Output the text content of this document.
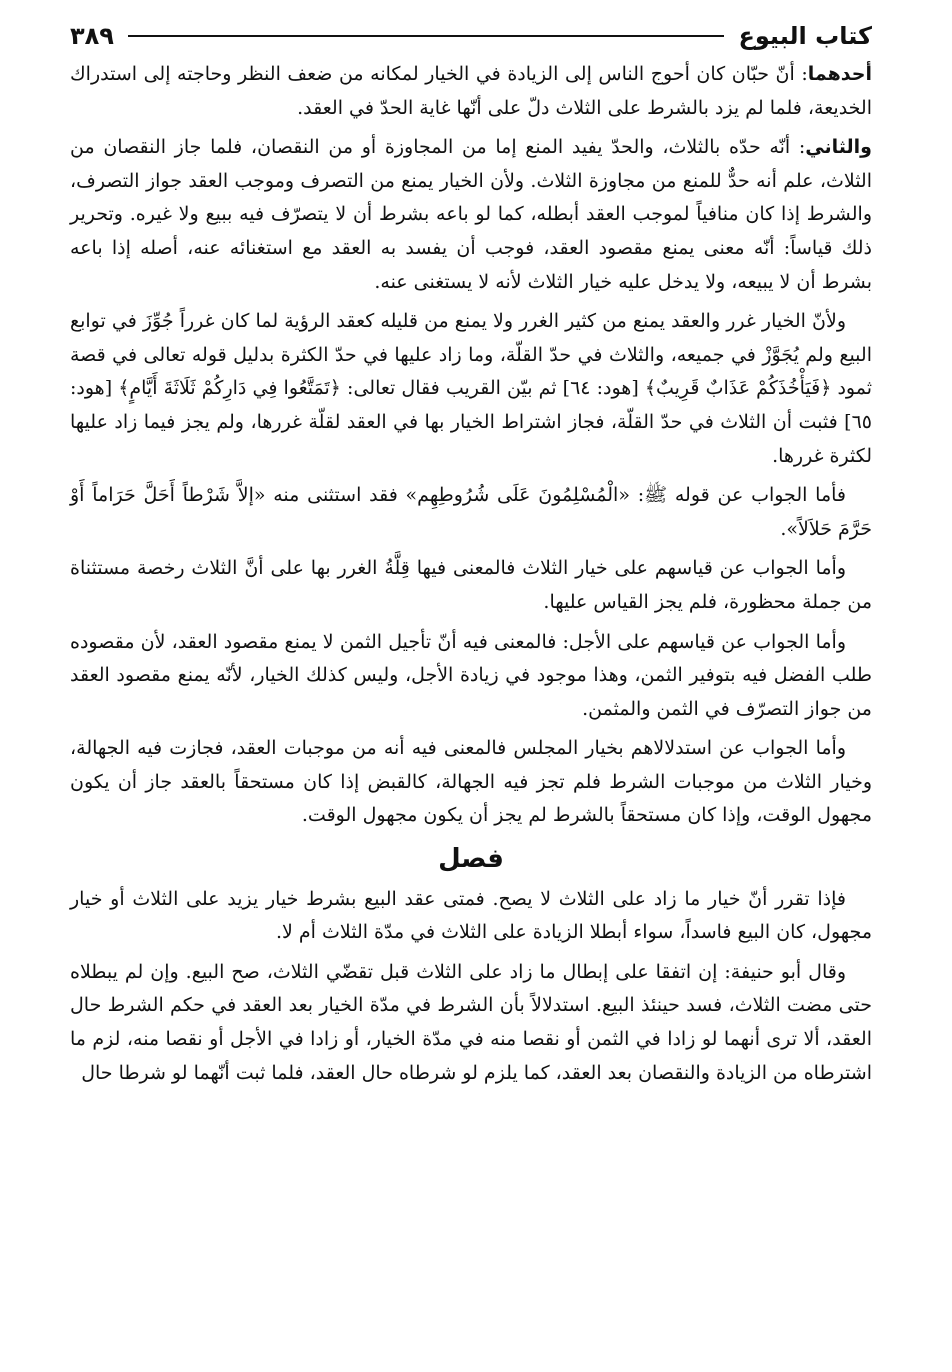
كتاب البيوع
٣٨٩

أحدهما: أنّ حبّان كان أحوج الناس إلى الزيادة في الخيار لمكانه من ضعف النظر وحاجته إلى استدراك الخديعة، فلما لم يزد بالشرط على الثلاث دلّ على أنّها غاية الحدّ في العقد.

والثاني: أنّه حدّه بالثلاث، والحدّ يفيد المنع إما من المجاوزة أو من النقصان، فلما جاز النقصان من الثلاث، علم أنه حدٌّ للمنع من مجاوزة الثلاث. ولأن الخيار يمنع من التصرف وموجب العقد جواز التصرف، والشرط إذا كان منافياً لموجب العقد أبطله، كما لو باعه بشرط أن لا يتصرّف فيه ببيع ولا غيره. وتحرير ذلك قياساً: أنّه معنى يمنع مقصود العقد، فوجب أن يفسد به العقد مع استغنائه عنه، أصله إذا باعه بشرط أن لا يبيعه، ولا يدخل عليه خيار الثلاث لأنه لا يستغنى عنه.

ولأنّ الخيار غرر والعقد يمنع من كثير الغرر ولا يمنع من قليله كعقد الرؤية لما كان غرراً جُوِّزَ في توابع البيع ولم يُجَوَّزْ في جميعه، والثلاث في حدّ القلّة، وما زاد عليها في حدّ الكثرة بدليل قوله تعالى في قصة ثمود ﴿فَيَأْخُذَكُمْ عَذَابٌ قَرِيبٌ﴾ [هود: ٦٤] ثم بيّن القريب فقال تعالى: ﴿تَمَتَّعُوا فِي دَارِكُمْ ثَلَاثَةَ أَيَّامٍ﴾ [هود: ٦٥] فثبت أن الثلاث في حدّ القلّة، فجاز اشتراط الخيار بها في العقد لقلّة غررها، ولم يجز فيما زاد عليها لكثرة غررها.

فأما الجواب عن قوله ﷺ: «الْمُسْلِمُونَ عَلَى شُرُوطِهِم» فقد استثنى منه «إلاَّ شَرْطاً أَحَلَّ حَرَاماً أَوْ حَرَّمَ حَلاَلاً».

وأما الجواب عن قياسهم على خيار الثلاث فالمعنى فيها قِلَّةُ الغرر بها على أنَّ الثلاث رخصة مستثناة من جملة محظورة، فلم يجز القياس عليها.

وأما الجواب عن قياسهم على الأجل: فالمعنى فيه أنّ تأجيل الثمن لا يمنع مقصود العقد، لأن مقصوده طلب الفضل فيه بتوفير الثمن، وهذا موجود في زيادة الأجل، وليس كذلك الخيار، لأنّه يمنع مقصود العقد من جواز التصرّف في الثمن والمثمن.

وأما الجواب عن استدلالاهم بخيار المجلس فالمعنى فيه أنه من موجبات العقد، فجازت فيه الجهالة، وخيار الثلاث من موجبات الشرط فلم تجز فيه الجهالة، كالقبض إذا كان مستحقاً بالعقد جاز أن يكون مجهول الوقت، وإذا كان مستحقاً بالشرط لم يجز أن يكون مجهول الوقت.

فصل

فإذا تقرر أنّ خيار ما زاد على الثلاث لا يصح. فمتى عقد البيع بشرط خيار يزيد على الثلاث أو خيار مجهول، كان البيع فاسداً، سواء أبطلا الزيادة على الثلاث في مدّة الثلاث أم لا.

وقال أبو حنيفة: إن اتفقا على إبطال ما زاد على الثلاث قبل تقضّي الثلاث، صح البيع. وإن لم يبطلاه حتى مضت الثلاث، فسد حينئذ البيع. استدلالاً بأن الشرط في مدّة الخيار بعد العقد في حكم الشرط حال العقد، ألا ترى أنهما لو زادا في الثمن أو نقصا منه في مدّة الخيار، أو زادا في الأجل أو نقصا منه، لزم ما اشترطاه من الزيادة والنقصان بعد العقد، كما يلزم لو شرطاه حال العقد، فلما ثبت أنّهما لو شرطا حال
